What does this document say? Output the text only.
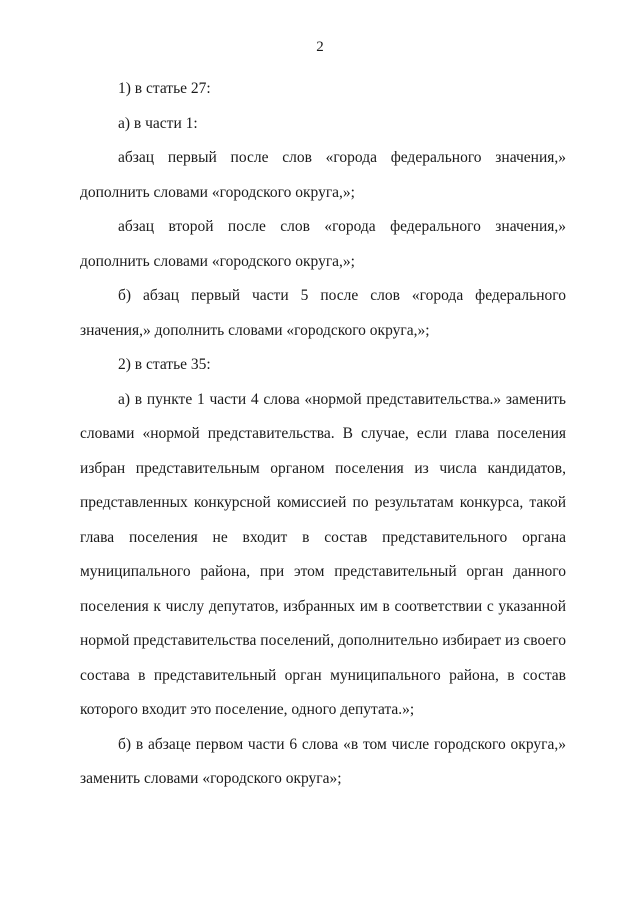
2

1) в статье 27:

а) в части 1:

абзац первый после слов «города федерального значения,» дополнить словами «городского округа,»;

абзац второй после слов «города федерального значения,» дополнить словами «городского округа,»;

б) абзац первый части 5 после слов «города федерального значения,» дополнить словами «городского округа,»;

2) в статье 35:

а) в пункте 1 части 4 слова «нормой представительства.» заменить словами «нормой представительства. В случае, если глава поселения избран представительным органом поселения из числа кандидатов, представленных конкурсной комиссией по результатам конкурса, такой глава поселения не входит в состав представительного органа муниципального района, при этом представительный орган данного поселения к числу депутатов, избранных им в соответствии с указанной нормой представительства поселений, дополнительно избирает из своего состава в представительный орган муниципального района, в состав которого входит это поселение, одного депутата.»;

б) в абзаце первом части 6 слова «в том числе городского округа,» заменить словами «городского округа»;
